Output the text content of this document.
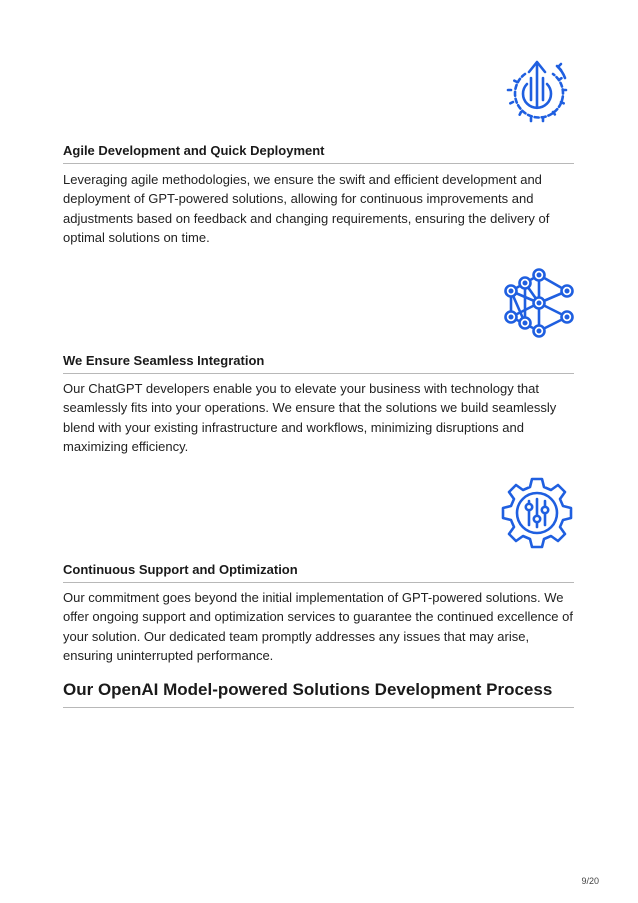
Agile Development and Quick Deployment

Leveraging agile methodologies, we ensure the swift and efficient development and deployment of GPT-powered solutions, allowing for continuous improvements and adjustments based on feedback and changing requirements, ensuring the delivery of optimal solutions on time.

We Ensure Seamless Integration

Our ChatGPT developers enable you to elevate your business with technology that seamlessly fits into your operations. We ensure that the solutions we build seamlessly blend with your existing infrastructure and workflows, minimizing disruptions and maximizing efficiency.

Continuous Support and Optimization

Our commitment goes beyond the initial implementation of GPT-powered solutions. We offer ongoing support and optimization services to guarantee the continued excellence of your solution. Our dedicated team promptly addresses any issues that may arise, ensuring uninterrupted performance.

Our OpenAI Model-powered Solutions Development Process
9/20
